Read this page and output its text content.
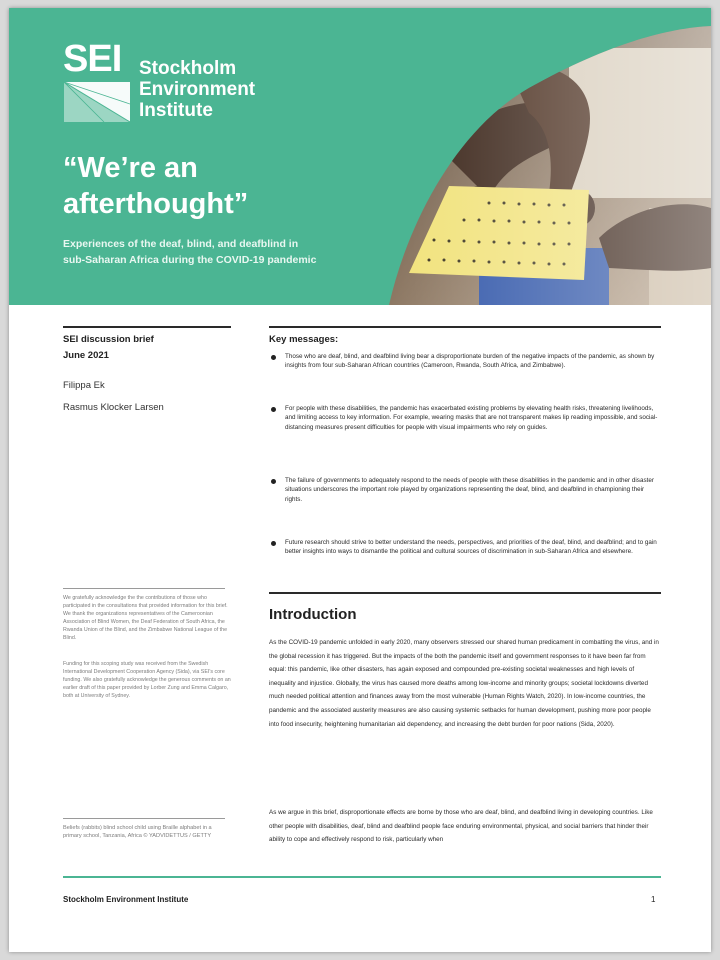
SEI Stockholm
Environment
Institute
“We’re an
afterthought”
Experiences of the deaf, blind, and deafblind in
sub-Saharan Africa during the COVID-19 pandemic
SEI discussion brief
June 2021
Filippa Ek
Rasmus Klocker Larsen
We gratefully acknowledge the the contributions of those who participated in the consultations that provided information for this brief. We thank the organizations representatives of the Cameroonian Association of Blind Women, the Deaf Federation of South Africa, the Rwanda Union of the Blind, and the Zimbabwe National League of the Blind.
Funding for this scoping study was received from the Swedish International Development Cooperation Agency (Sida), via SEI's core funding. We also gratefully acknowledge the generous comments on an earlier draft of this paper provided by Lorber Zung and Emma Calgaro, both at University of Sydney.
Beliefs (rabbits) blind school child using Braille alphabet in a primary school, Tanzania, Africa © YADVIDETTUS / GETTY
Key messages:
Those who are deaf, blind, and deafblind living bear a disproportionate burden of the negative impacts of the pandemic, as shown by insights from four sub-Saharan African countries (Cameroon, Rwanda, South Africa, and Zimbabwe).
For people with these disabilities, the pandemic has exacerbated existing problems by elevating health risks, threatening livelihoods, and limiting access to key information. For example, wearing masks that are not transparent makes lip reading impossible, and social-distancing measures present difficulties for people with visual impairments who rely on guides.
The failure of governments to adequately respond to the needs of people with these disabilities in the pandemic and in other disaster situations underscores the important role played by organizations representing the deaf, blind, and deafblind in championing their rights.
Future research should strive to better understand the needs, perspectives, and priorities of the deaf, blind, and deafblind; and to gain better insights into ways to dismantle the political and cultural sources of discrimination in sub-Saharan Africa and elsewhere.
Introduction
As the COVID-19 pandemic unfolded in early 2020, many observers stressed our shared human predicament in combatting the virus, and in the global recession it has triggered. But the impacts of the both the pandemic itself and government responses to it have been far from equal: this pandemic, like other disasters, has again exposed and compounded pre-existing societal weaknesses and high levels of inequality and injustice. Globally, the virus has caused more deaths among low-income and minority groups; societal lockdowns diverted much needed political attention and finances away from the most vulnerable (Human Rights Watch, 2020). In low-income countries, the pandemic and the associated austerity measures are also causing systemic setbacks for human development, pushing more poor people into food insecurity, heightening humanitarian aid dependency, and increasing the debt burden for poor nations (Sida, 2020).
As we argue in this brief, disproportionate effects are borne by those who are deaf, blind, and deafblind living in developing countries. Like other people with disabilities, deaf, blind and deafblind people face enduring environmental, physical, and social barriers that hinder their ability to cope and effectively respond to risk, particularly when
Stockholm Environment Institute	1
